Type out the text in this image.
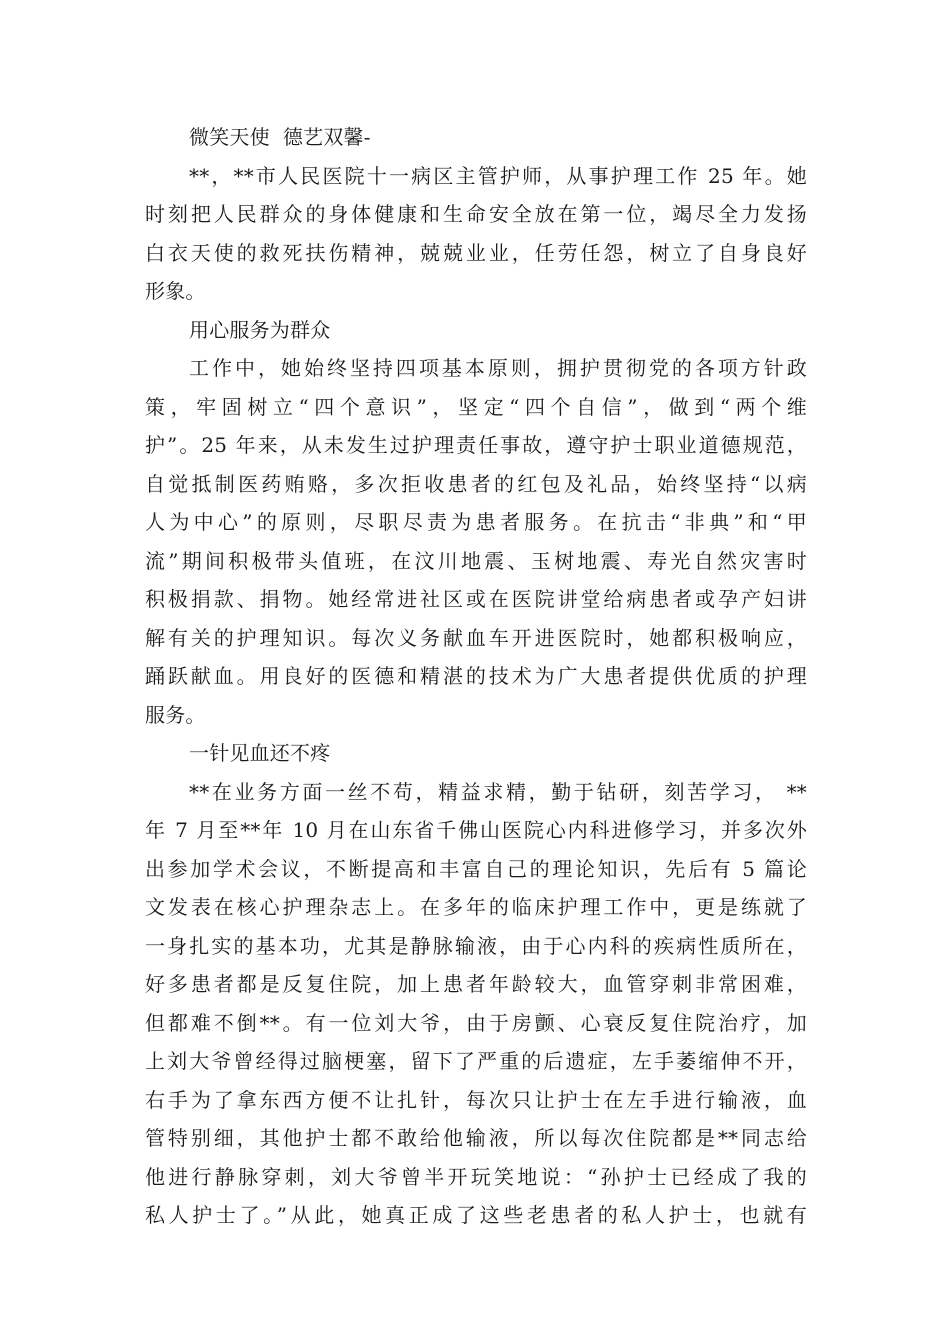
微笑天使  德艺双馨-
**，**市人民医院十一病区主管护师，从事护理工作 25 年。她
时刻把人民群众的身体健康和生命安全放在第一位，竭尽全力发扬
白衣天使的救死扶伤精神，兢兢业业，任劳任怨，树立了自身良好
形象。
用心服务为群众
工作中，她始终坚持四项基本原则，拥护贯彻党的各项方针政
策，牢固树立“四个意识”，坚定“四个自信”，做到“两个维
护”。25 年来，从未发生过护理责任事故，遵守护士职业道德规范，
自觉抵制医药贿赂，多次拒收患者的红包及礼品，始终坚持“以病
人为中心”的原则，尽职尽责为患者服务。在抗击“非典”和“甲
流”期间积极带头值班，在汶川地震、玉树地震、寿光自然灾害时
积极捐款、捐物。她经常进社区或在医院讲堂给病患者或孕产妇讲
解有关的护理知识。每次义务献血车开进医院时，她都积极响应，
踊跃献血。用良好的医德和精湛的技术为广大患者提供优质的护理
服务。
一针见血还不疼
**在业务方面一丝不苟，精益求精，勤于钻研，刻苦学习， **
年 7 月至**年 10 月在山东省千佛山医院心内科进修学习，并多次外
出参加学术会议，不断提高和丰富自己的理论知识，先后有 5 篇论
文发表在核心护理杂志上。在多年的临床护理工作中，更是练就了
一身扎实的基本功，尤其是静脉输液，由于心内科的疾病性质所在，
好多患者都是反复住院，加上患者年龄较大，血管穿刺非常困难，
但都难不倒**。有一位刘大爷，由于房颤、心衰反复住院治疗，加
上刘大爷曾经得过脑梗塞，留下了严重的后遗症，左手萎缩伸不开，
右手为了拿东西方便不让扎针，每次只让护士在左手进行输液，血
管特别细，其他护士都不敢给他输液，所以每次住院都是**同志给
他进行静脉穿刺，刘大爷曾半开玩笑地说：“孙护士已经成了我的
私人护士了。”从此，她真正成了这些老患者的私人护士，也就有
